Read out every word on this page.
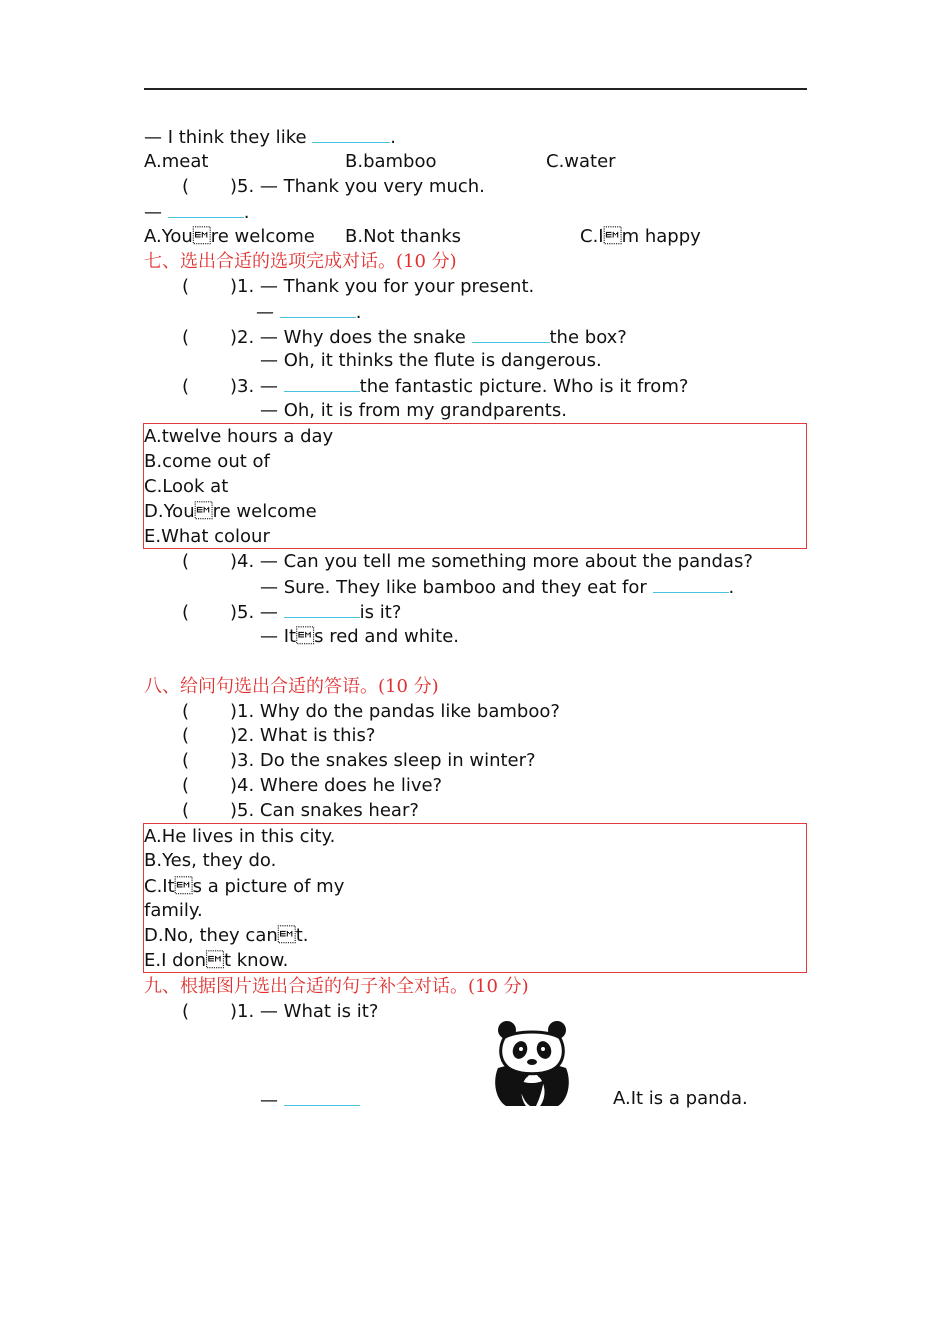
— I think they like	.
A.meat	B.bamboo	C.water
( )5. — Thank you very much.
—	.
A.Youre welcome B.Not thanks	C.Im happy
七、选出合适的选项完成对话。(10 分)
( )1. — Thank you for your present.
—	.
( )2. — Why does the snake	the box?
— Oh, it thinks the flute is dangerous.
( )3. —	the fantastic picture. Who is it from?
— Oh, it is from my grandparents.
A.twelve hours a day
B.come out of
C.Look at
D.Youre welcome
E.What colour
( )4. — Can you tell me something more about the pandas?
— Sure. They like bamboo and they eat for	.
( )5. —	is it?
— Its red and white.
八、给问句选出合适的答语。(10 分)
( )1. Why do the pandas like bamboo?
( )2. What is this?
( )3. Do the snakes sleep in winter?
( )4. Where does he live?
( )5. Can snakes hear?
A.He lives in this city.
B.Yes, they do.
C.Its a picture of my
family.
D.No, they cant.
E.I dont know.
九、根据图片选出合适的句子补全对话。(10 分)
( )1. — What is it?
—	A.It is a panda.
